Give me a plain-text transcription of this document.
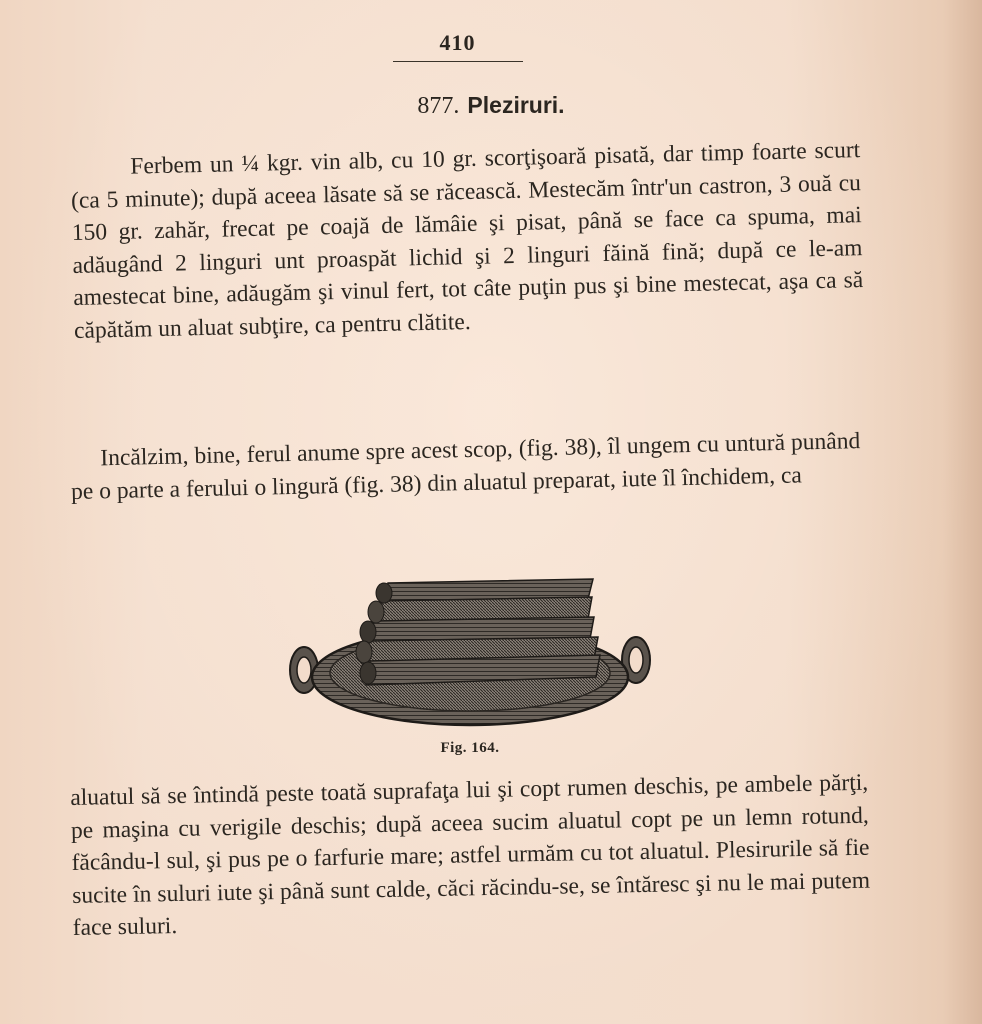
410
877. Pleziruri.
Ferbem un ¼ kgr. vin alb, cu 10 gr. scorţişoară pisată, dar timp foarte scurt (ca 5 minute); după aceea lăsate să se răcească. Mestecăm într'un castron, 3 ouă cu 150 gr. zahăr, frecat pe coajă de lămâie şi pisat, până se face ca spuma, mai adăugând 2 linguri unt proaspăt lichid şi 2 linguri făină fină; după ce le-am amestecat bine, adăugăm şi vinul fert, tot câte puţin pus şi bine mestecat, aşa ca să căpătăm un aluat subţire, ca pentru clătite.
Incălzim, bine, ferul anume spre acest scop, (fig. 38), îl ungem cu untură punând pe o parte a ferului o lingură (fig. 38) din aluatul preparat, iute îl închidem, ca
Fig. 164.
aluatul să se întindă peste toată suprafaţa lui şi copt rumen deschis, pe ambele părţi, pe maşina cu verigile deschis; după aceea sucim aluatul copt pe un lemn rotund, făcându-l sul, şi pus pe o farfurie mare; astfel urmăm cu tot aluatul. Plesirurile să fie sucite în suluri iute şi până sunt calde, căci răcindu-se, se întăresc şi nu le mai putem face suluri.
